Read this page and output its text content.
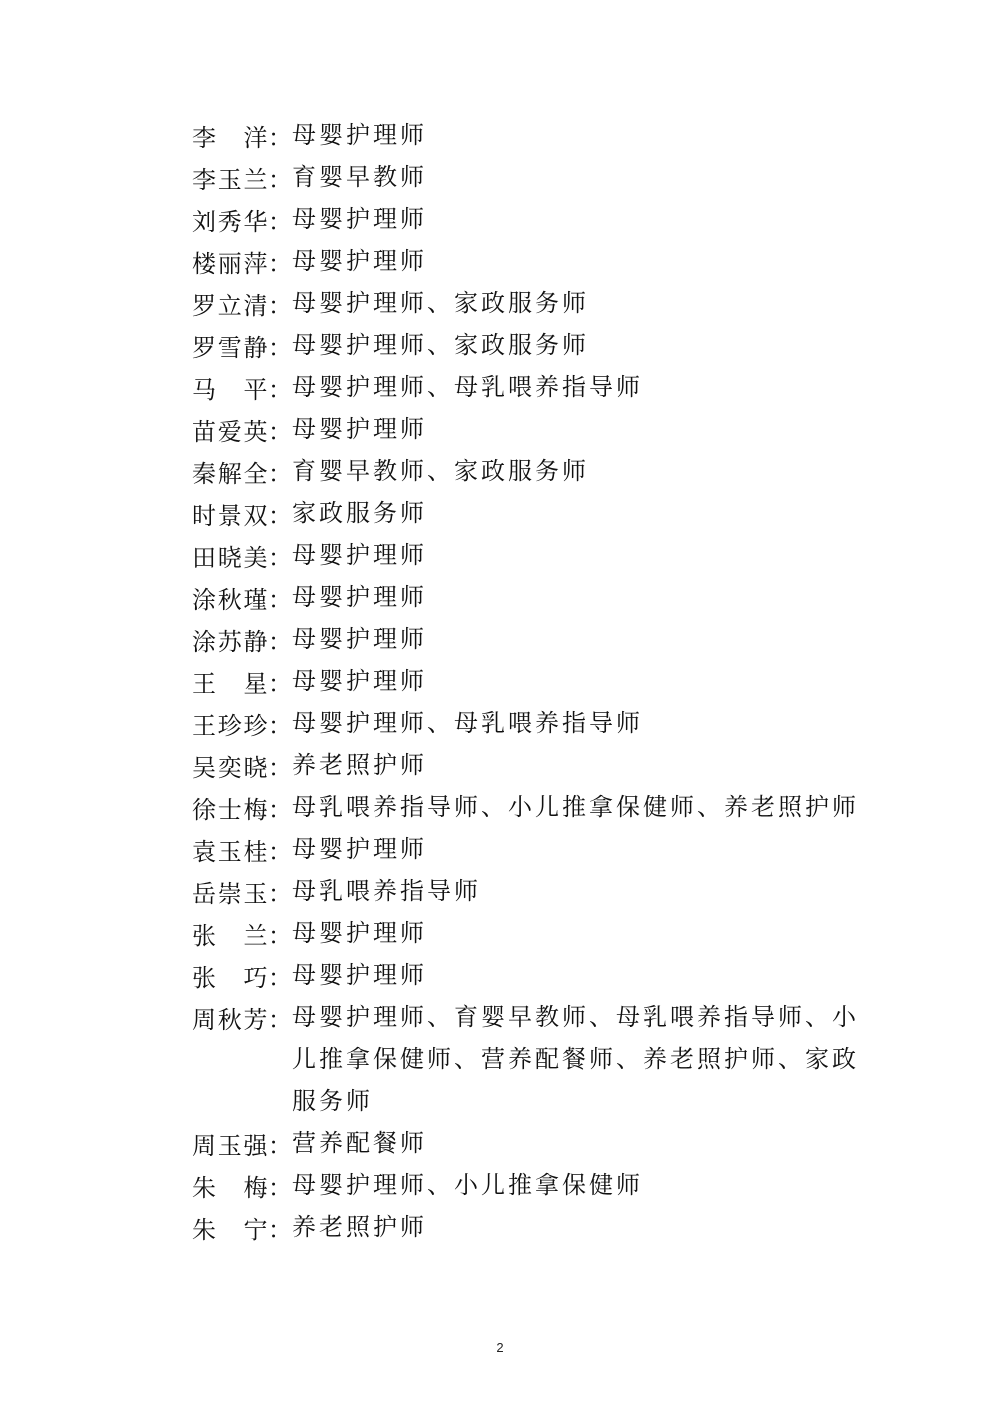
李　洋 ： 母婴护理师
李玉兰 ： 育婴早教师
刘秀华 ： 母婴护理师
楼丽萍 ： 母婴护理师
罗立清 ： 母婴护理师、家政服务师
罗雪静 ： 母婴护理师、家政服务师
马　平 ： 母婴护理师、母乳喂养指导师
苗爱英 ： 母婴护理师
秦解全 ： 育婴早教师、家政服务师
时景双 ： 家政服务师
田晓美 ： 母婴护理师
涂秋瑾 ： 母婴护理师
涂苏静 ： 母婴护理师
王　星 ： 母婴护理师
王珍珍 ： 母婴护理师、母乳喂养指导师
吴奕晓 ： 养老照护师
徐士梅 ： 母乳喂养指导师、小儿推拿保健师、养老照护师
袁玉桂 ： 母婴护理师
岳崇玉 ： 母乳喂养指导师
张　兰 ： 母婴护理师
张　巧 ： 母婴护理师
周秋芳 ： 母婴护理师、育婴早教师、母乳喂养指导师、小儿推拿保健师、营养配餐师、养老照护师、家政服务师
周玉强 ： 营养配餐师
朱　梅 ： 母婴护理师、小儿推拿保健师
朱　宁 ： 养老照护师
2
